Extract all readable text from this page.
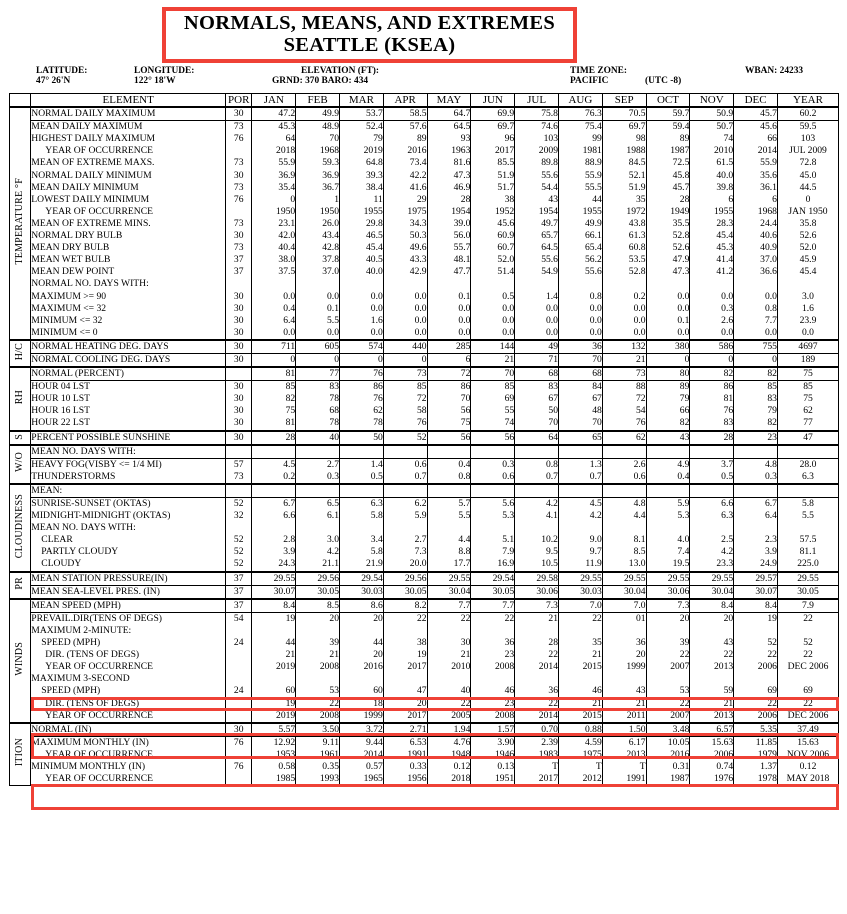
NORMALS, MEANS, AND EXTREMES
SEATTLE (KSEA)
LATITUDE:
47° 26'N
LONGITUDE:
122° 18'W
ELEVATION (FT):
GRND: 370 BARO: 434
TIME ZONE:
PACIFIC	(UTC -8)
WBAN: 24233
	ELEMENT	POR	JAN	FEB	MAR	APR	MAY	JUN	JUL	AUG	SEP	OCT	NOV	DEC	YEAR
TEMPERATURE °F	NORMAL DAILY MAXIMUM	30	47.2	49.9	53.7	58.5	64.7	69.9	75.8	76.3	70.5	59.7	50.9	45.7	60.2
	MEAN DAILY MAXIMUM	73	45.3	48.9	52.4	57.6	64.5	69.7	74.6	75.4	69.7	59.4	50.7	45.6	59.5
	HIGHEST DAILY MAXIMUM	76	64	70	79	89	93	96	103	99	98	89	74	66	103
	YEAR OF OCCURRENCE		2018	1968	2019	2016	1963	2017	2009	1981	1988	1987	2010	2014	JUL 2009
	MEAN OF EXTREME MAXS.	73	55.9	59.3	64.8	73.4	81.6	85.5	89.8	88.9	84.5	72.5	61.5	55.9	72.8
	NORMAL DAILY MINIMUM	30	36.9	36.9	39.3	42.2	47.3	51.9	55.6	55.9	52.1	45.8	40.0	35.6	45.0
	MEAN DAILY MINIMUM	73	35.4	36.7	38.4	41.6	46.9	51.7	54.4	55.5	51.9	45.7	39.8	36.1	44.5
	LOWEST DAILY MINIMUM	76	0	1	11	29	28	38	43	44	35	28	6	6	0
	YEAR OF OCCURRENCE		1950	1950	1955	1975	1954	1952	1954	1955	1972	1949	1955	1968	JAN 1950
	MEAN OF EXTREME MINS.	73	23.1	26.0	29.8	34.3	39.0	45.6	49.7	49.9	43.8	35.5	28.3	24.4	35.8
	NORMAL DRY BULB	30	42.0	43.4	46.5	50.3	56.0	60.9	65.7	66.1	61.3	52.8	45.4	40.6	52.6
	MEAN DRY BULB	73	40.4	42.8	45.4	49.6	55.7	60.7	64.5	65.4	60.8	52.6	45.3	40.9	52.0
	MEAN WET BULB	37	38.0	37.8	40.5	43.3	48.1	52.0	55.6	56.2	53.5	47.9	41.4	37.0	45.9
	MEAN DEW POINT	37	37.5	37.0	40.0	42.9	47.7	51.4	54.9	55.6	52.8	47.3	41.2	36.6	45.4
	NORMAL NO. DAYS WITH:														
	MAXIMUM >= 90	30	0.0	0.0	0.0	0.0	0.1	0.5	1.4	0.8	0.2	0.0	0.0	0.0	3.0
	MAXIMUM <= 32	30	0.4	0.1	0.0	0.0	0.0	0.0	0.0	0.0	0.0	0.0	0.3	0.8	1.6
	MINIMUM <= 32	30	6.4	5.5	1.6	0.0	0.0	0.0	0.0	0.0	0.0	0.1	2.6	7.7	23.9
	MINIMUM <= 0	30	0.0	0.0	0.0	0.0	0.0	0.0	0.0	0.0	0.0	0.0	0.0	0.0	0.0
H/C	NORMAL HEATING DEG. DAYS	30	711	605	574	440	285	144	49	36	132	380	586	755	4697
	NORMAL COOLING DEG. DAYS	30	0	0	0	0	6	21	71	70	21	0	0	0	189
RH	NORMAL (PERCENT)		81	77	76	73	72	70	68	68	73	80	82	82	75
	HOUR 04 LST	30	85	83	86	85	86	85	83	84	88	89	86	85	85
	HOUR 10 LST	30	82	78	76	72	70	69	67	67	72	79	81	83	75
	HOUR 16 LST	30	75	68	62	58	56	55	50	48	54	66	76	79	62
	HOUR 22 LST	30	81	78	78	76	75	74	70	70	76	82	83	82	77
S	PERCENT POSSIBLE SUNSHINE	30	28	40	50	52	56	56	64	65	62	43	28	23	47
W/O	MEAN NO. DAYS WITH:														
	HEAVY FOG(VISBY <= 1/4 MI)	57	4.5	2.7	1.4	0.6	0.4	0.3	0.8	1.3	2.6	4.9	3.7	4.8	28.0
	THUNDERSTORMS	73	0.2	0.3	0.5	0.7	0.8	0.6	0.7	0.7	0.6	0.4	0.5	0.3	6.3
CLOUDINESS	MEAN:														
	SUNRISE-SUNSET (OKTAS)	52	6.7	6.5	6.3	6.2	5.7	5.6	4.2	4.5	4.8	5.9	6.6	6.7	5.8
	MIDNIGHT-MIDNIGHT (OKTAS)	32	6.6	6.1	5.8	5.9	5.5	5.3	4.1	4.2	4.4	5.3	6.3	6.4	5.5
	MEAN NO. DAYS WITH:														
	CLEAR	52	2.8	3.0	3.4	2.7	4.4	5.1	10.2	9.0	8.1	4.0	2.5	2.3	57.5
	PARTLY CLOUDY	52	3.9	4.2	5.8	7.3	8.8	7.9	9.5	9.7	8.5	7.4	4.2	3.9	81.1
	CLOUDY	52	24.3	21.1	21.9	20.0	17.7	16.9	10.5	11.9	13.0	19.5	23.3	24.9	225.0
PR	MEAN STATION PRESSURE(IN)	37	29.55	29.56	29.54	29.56	29.55	29.54	29.58	29.55	29.55	29.55	29.55	29.57	29.55
	MEAN SEA-LEVEL PRES. (IN)	37	30.07	30.05	30.03	30.05	30.04	30.05	30.06	30.03	30.04	30.06	30.04	30.07	30.05
WINDS	MEAN SPEED (MPH)	37	8.4	8.5	8.6	8.2	7.7	7.7	7.3	7.0	7.0	7.3	8.4	8.4	7.9
	PREVAIL.DIR(TENS OF DEGS)	54	19	20	20	22	22	22	21	22	01	20	20	19	22
	MAXIMUM 2-MINUTE:														
	SPEED (MPH)	24	44	39	44	38	30	36	28	35	36	39	43	52	52
	DIR. (TENS OF DEGS)		21	21	20	19	21	23	22	21	20	22	22	22	22
	YEAR OF OCCURRENCE		2019	2008	2016	2017	2010	2008	2014	2015	1999	2007	2013	2006	DEC 2006
	MAXIMUM 3-SECOND														
	SPEED (MPH)	24	60	53	60	47	40	46	36	46	43	53	59	69	69
	DIR. (TENS OF DEGS)		19	22	18	20	22	23	22	21	21	22	21	22	22
	YEAR OF OCCURRENCE		2019	2008	1999	2017	2005	2008	2014	2015	2011	2007	2013	2006	DEC 2006
ITION	NORMAL (IN)	30	5.57	3.50	3.72	2.71	1.94	1.57	0.70	0.88	1.50	3.48	6.57	5.35	37.49
	MAXIMUM MONTHLY (IN)	76	12.92	9.11	9.44	6.53	4.76	3.90	2.39	4.59	6.17	10.05	15.63	11.85	15.63
	YEAR OF OCCURRENCE		1953	1961	2014	1991	1948	1946	1983	1975	2013	2016	2006	1979	NOV 2006
	MINIMUM MONTHLY (IN)	76	0.58	0.35	0.57	0.33	0.12	0.13	T	T	T	0.31	0.74	1.37	0.12
	YEAR OF OCCURRENCE		1985	1993	1965	1956	2018	1951	2017	2012	1991	1987	1976	1978	MAY 2018
